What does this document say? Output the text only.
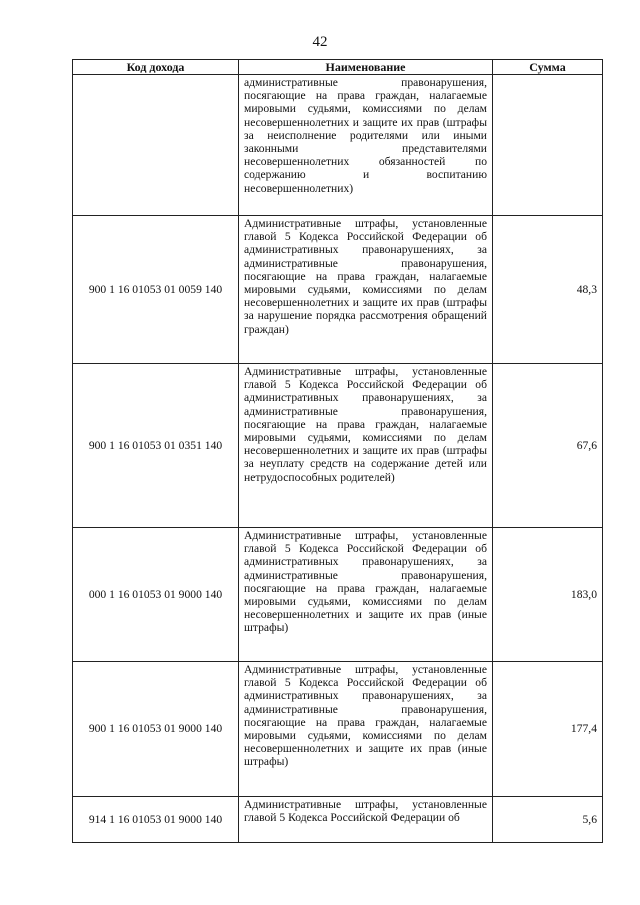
42
Код дохода	Наименование	Сумма
	административные правонарушения, посягающие на права граждан, налагаемые мировыми судьями, комиссиями по делам несовершеннолетних и защите их прав (штрафы за неисполнение родителями или иными законными представителями несовершеннолетних обязанностей по содержанию и воспитанию несовершеннолетних)	
900 1 16 01053 01 0059 140	Административные штрафы, установленные главой 5 Кодекса Российской Федерации об административных правонарушениях, за административные правонарушения, посягающие на права граждан, налагаемые мировыми судьями, комиссиями по делам несовершеннолетних и защите их прав (штрафы за нарушение порядка рассмотрения обращений граждан)	48,3
900 1 16 01053 01 0351 140	Административные штрафы, установленные главой 5 Кодекса Российской Федерации об административных правонарушениях, за административные правонарушения, посягающие на права граждан, налагаемые мировыми судьями, комиссиями по делам несовершеннолетних и защите их прав (штрафы за неуплату средств на содержание детей или нетрудоспособных родителей)	67,6
000 1 16 01053 01 9000 140	Административные штрафы, установленные главой 5 Кодекса Российской Федерации об административных правонарушениях, за административные правонарушения, посягающие на права граждан, налагаемые мировыми судьями, комиссиями по делам несовершеннолетних и защите их прав (иные штрафы)	183,0
900 1 16 01053 01 9000 140	Административные штрафы, установленные главой 5 Кодекса Российской Федерации об административных правонарушениях, за административные правонарушения, посягающие на права граждан, налагаемые мировыми судьями, комиссиями по делам несовершеннолетних и защите их прав (иные штрафы)	177,4
914 1 16 01053 01 9000 140	Административные штрафы, установленные главой 5 Кодекса Российской Федерации об	5,6
